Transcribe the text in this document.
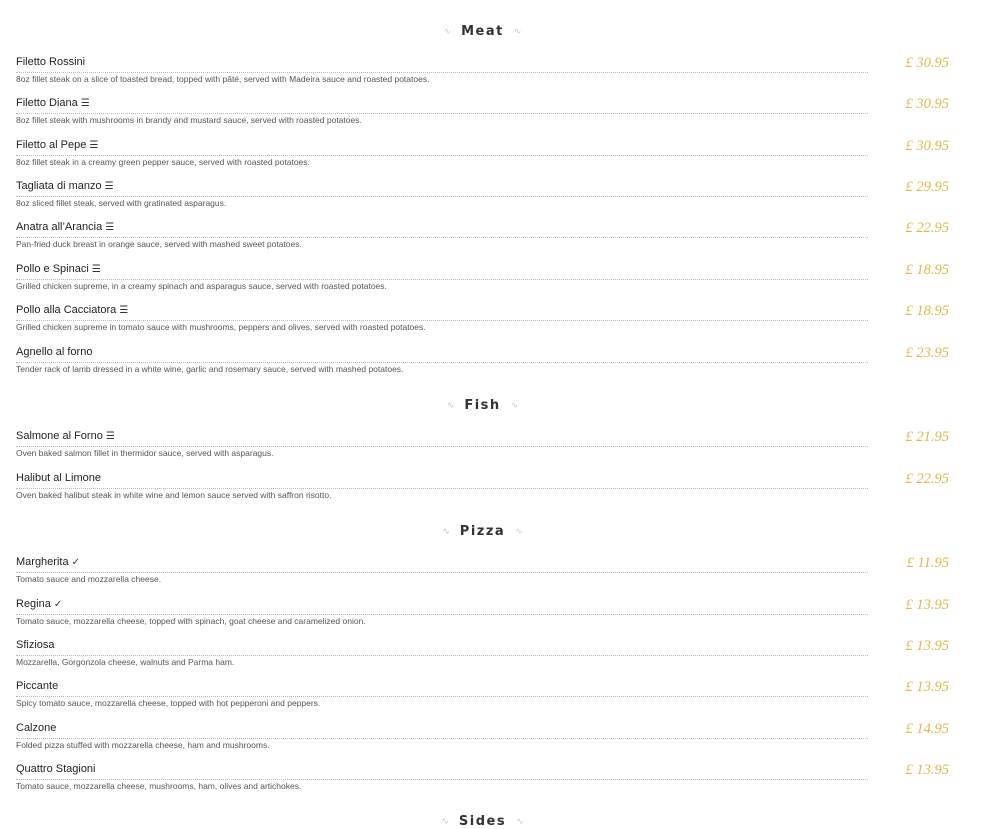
∿ Meat ∿
Filetto Rossini
8oz fillet steak on a slice of toasted bread, topped with pâté, served with Madeira sauce and roasted potatoes.
£ 30.95
Filetto Diana ☰
8oz fillet steak with mushrooms in brandy and mustard sauce, served with roasted potatoes.
£ 30.95
Filetto al Pepe ☰
8oz fillet steak in a creamy green pepper sauce, served with roasted potatoes.
£ 30.95
Tagliata di manzo ☰
8oz sliced fillet steak, served with gratinated asparagus.
£ 29.95
Anatra all’Arancia ☰
Pan-fried duck breast in orange sauce, served with mashed sweet potatoes.
£ 22.95
Pollo e Spinaci ☰
Grilled chicken supreme, in a creamy spinach and asparagus sauce, served with roasted potatoes.
£ 18.95
Pollo alla Cacciatora ☰
Grilled chicken supreme in tomato sauce with mushrooms, peppers and olives, served with roasted potatoes.
£ 18.95
Agnello al forno
Tender rack of lamb dressed in a white wine, garlic and rosemary sauce, served with mashed potatoes.
£ 23.95
∿ Fish ∿
Salmone al Forno ☰
Oven baked salmon fillet in thermidor sauce, served with asparagus.
£ 21.95
Halibut al Limone
Oven baked halibut steak in white wine and lemon sauce served with saffron risotto.
£ 22.95
∿ Pizza ∿
Margherita ✓
Tomato sauce and mozzarella cheese.
£ 11.95
Regina ✓
Tomato sauce, mozzarella cheese, topped with spinach, goat cheese and caramelized onion.
£ 13.95
Sfiziosa
Mozzarella, Gorgonzola cheese, walnuts and Parma ham.
£ 13.95
Piccante
Spicy tomato sauce, mozzarella cheese, topped with hot pepperoni and peppers.
£ 13.95
Calzone
Folded pizza stuffed with mozzarella cheese, ham and mushrooms.
£ 14.95
Quattro Stagioni
Tomato sauce, mozzarella cheese, mushrooms, ham, olives and artichokes.
£ 13.95
∿ Sides ∿
